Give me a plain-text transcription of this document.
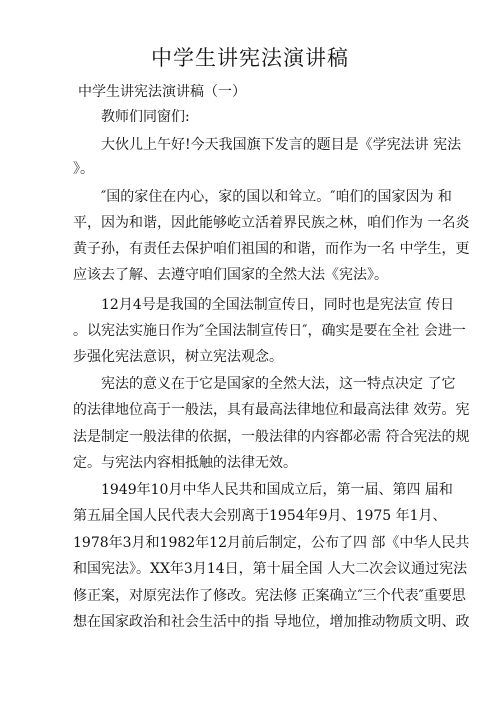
中学生讲宪法演讲稿
中学生讲宪法演讲稿（一）
教师们同窗们:
大伙儿上午好!今天我国旗下发言的题目是《学宪法讲 宪法
》。
″国的家住在内心，家的国以和耸立。″咱们的国家因为 和
平，因为和谐，因此能够屹立活着界民族之林，咱们作为 一名炎
黄子孙，有责任去保护咱们祖国的和谐，而作为一名 中学生，更
应该去了解、去遵守咱们国家的全然大法《宪法》。
12月4号是我国的全国法制宣传日，同时也是宪法宣 传日
。以宪法实施日作为″全国法制宣传日″，确实是要在全社 会进一
步强化宪法意识，树立宪法观念。
宪法的意义在于它是国家的全然大法，这一特点决定 了它
的法律地位高于一般法，具有最高法律地位和最高法律 效劳。宪
法是制定一般法律的依据，一般法律的内容都必需 符合宪法的规
定。与宪法内容相抵触的法律无效。
1949年10月中华人民共和国成立后，第一届、第四 届和
第五届全国人民代表大会别离于1954年9月、1975 年1月、
1978年3月和1982年12月前后制定，公布了四 部《中华人民共
和国宪法》。XX年3月14日，第十届全国 人大二次会议通过宪法
修正案，对原宪法作了修改。宪法修 正案确立″三个代表″重要思
想在国家政治和社会生活中的指 导地位，增加推动物质文明、政
